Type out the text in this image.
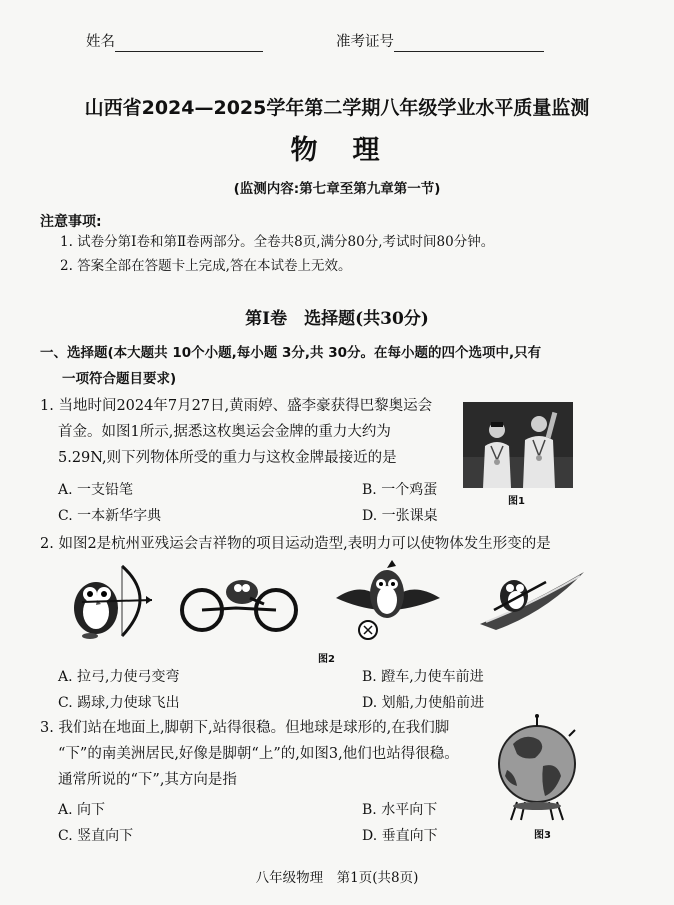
姓名	准考证号
山西省2024—2025学年第二学期八年级学业水平质量监测
物　理
(监测内容:第七章至第九章第一节)
注意事项:
1. 试卷分第Ⅰ卷和第Ⅱ卷两部分。全卷共8页,满分80分,考试时间80分钟。
2. 答案全部在答题卡上完成,答在本试卷上无效。
第Ⅰ卷　选择题(共30分)
一、选择题(本大题共 10个小题,每小题 3分,共 30分。在每小题的四个选项中,只有
一项符合题目要求)
1. 当地时间2024年7月27日,黄雨婷、盛李豪获得巴黎奥运会
首金。如图1所示,据悉这枚奥运会金牌的重力大约为
5.29N,则下列物体所受的重力与这枚金牌最接近的是
A. 一支铅笔	B. 一个鸡蛋
C. 一本新华字典	D. 一张课桌
图1
2. 如图2是杭州亚残运会吉祥物的项目运动造型,表明力可以使物体发生形变的是
图2
A. 拉弓,力使弓变弯	B. 蹬车,力使车前进
C. 踢球,力使球飞出	D. 划船,力使船前进
3. 我们站在地面上,脚朝下,站得很稳。但地球是球形的,在我们脚
“下”的南美洲居民,好像是脚朝“上”的,如图3,他们也站得很稳。
通常所说的“下”,其方向是指
A. 向下	B. 水平向下
C. 竖直向下	D. 垂直向下	图3
八年级物理　第1页(共8页)
